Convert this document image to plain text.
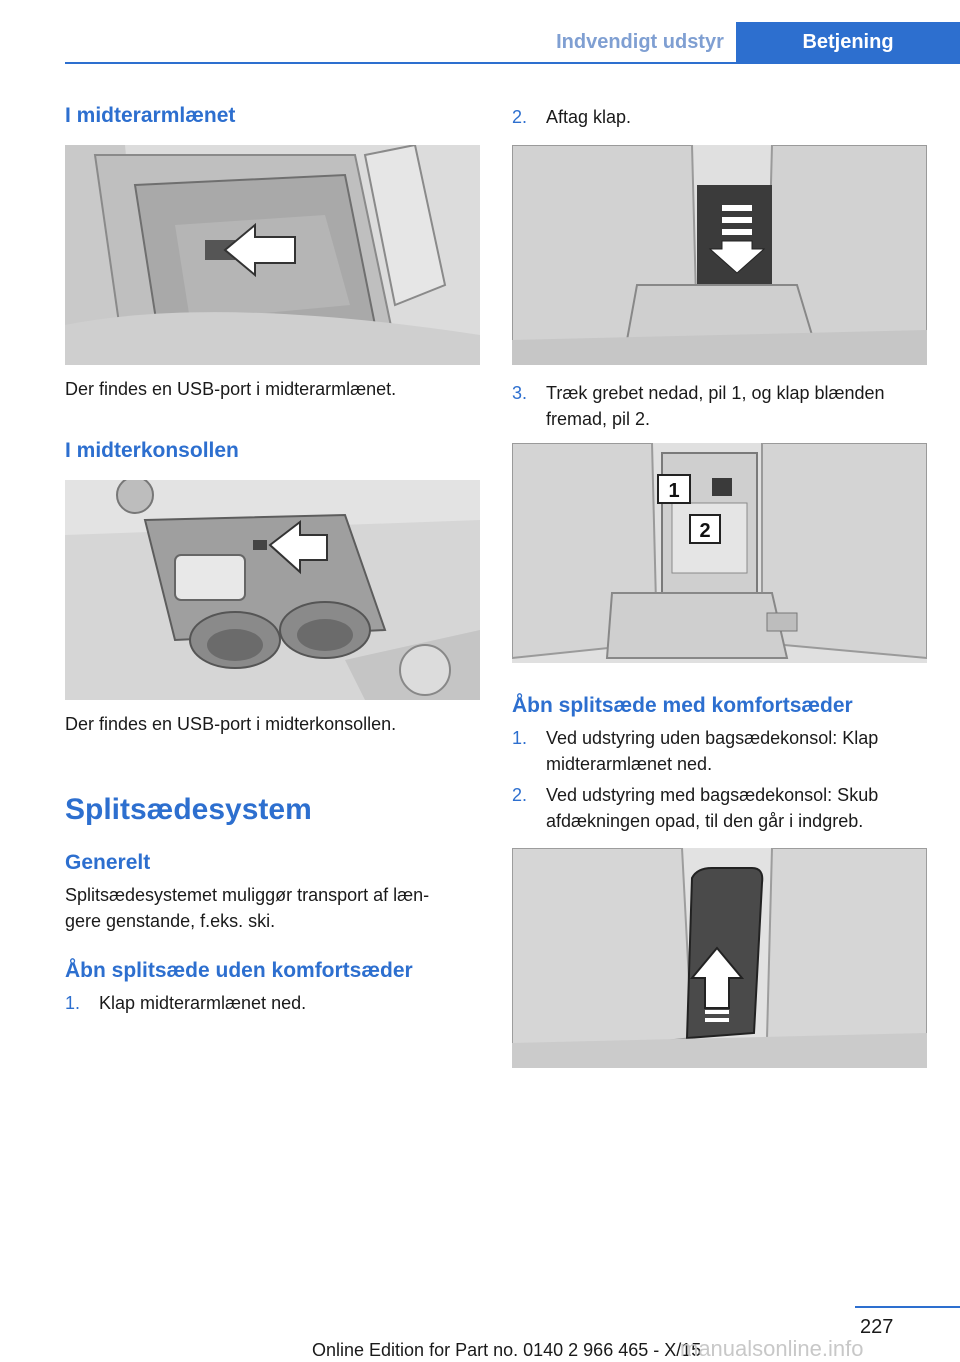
Indvendigt udstyr	Betjening
I midterarmlænet
Der findes en USB-port i midterarmlænet.
I midterkonsollen
Der findes en USB-port i midterkonsollen.
Splitsædesystem
Generelt
Splitsædesystemet muliggør transport af læn-
gere genstande, f.eks. ski.
Åbn splitsæde uden komfortsæder
1. Klap midterarmlænet ned.
2. Aftag klap.
3. Træk grebet nedad, pil 1, og klap blænden
fremad, pil 2.
1
2
Åbn splitsæde med komfortsæder
1. Ved udstyring uden bagsædekonsol: Klap
midterarmlænet ned.
2. Ved udstyring med bagsædekonsol: Skub
afdækningen opad, til den går i indgreb.
227
Online Edition for Part no. 0140 2 966 465 - X/15
manualsonline.info
